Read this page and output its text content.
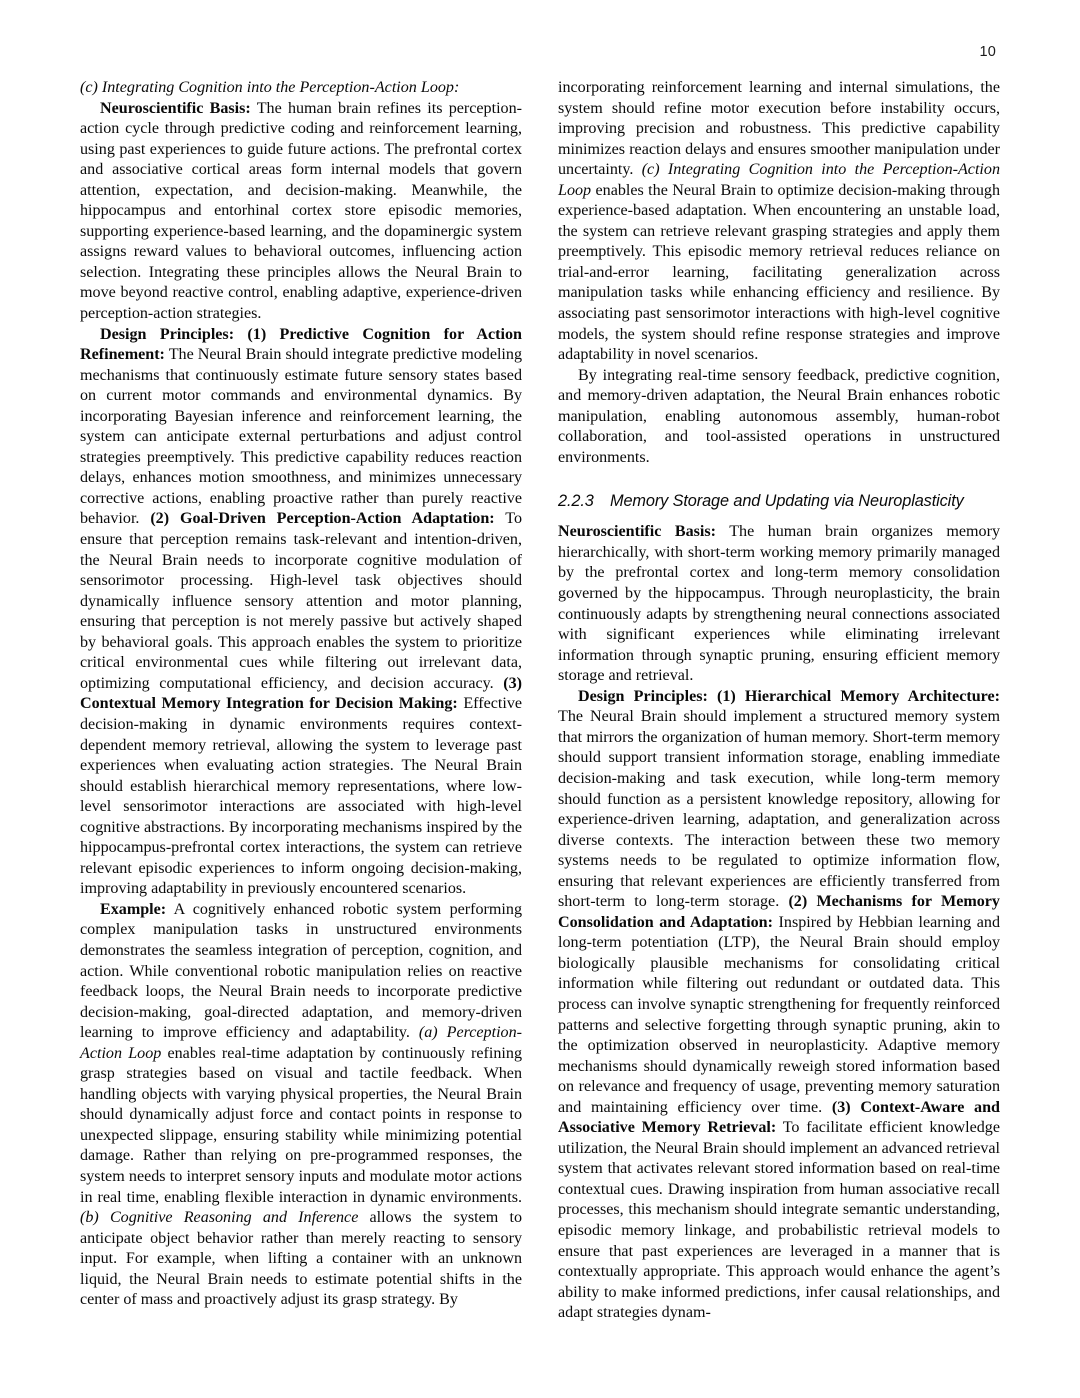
10

(c) Integrating Cognition into the Perception-Action Loop:

Neuroscientific Basis: The human brain refines its perception-action cycle through predictive coding and reinforcement learning, using past experiences to guide future actions. The prefrontal cortex and associative cortical areas form internal models that govern attention, expectation, and decision-making. Meanwhile, the hippocampus and entorhinal cortex store episodic memories, supporting experience-based learning, and the dopaminergic system assigns reward values to behavioral outcomes, influencing action selection. Integrating these principles allows the Neural Brain to move beyond reactive control, enabling adaptive, experience-driven perception-action strategies.

Design Principles: (1) Predictive Cognition for Action Refinement: The Neural Brain should integrate predictive modeling mechanisms that continuously estimate future sensory states based on current motor commands and environmental dynamics. By incorporating Bayesian inference and reinforcement learning, the system can anticipate external perturbations and adjust control strategies preemptively. This predictive capability reduces reaction delays, enhances motion smoothness, and minimizes unnecessary corrective actions, enabling proactive rather than purely reactive behavior. (2) Goal-Driven Perception-Action Adaptation: To ensure that perception remains task-relevant and intention-driven, the Neural Brain needs to incorporate cognitive modulation of sensorimotor processing. High-level task objectives should dynamically influence sensory attention and motor planning, ensuring that perception is not merely passive but actively shaped by behavioral goals. This approach enables the system to prioritize critical environmental cues while filtering out irrelevant data, optimizing computational efficiency, and decision accuracy. (3) Contextual Memory Integration for Decision Making: Effective decision-making in dynamic environments requires context-dependent memory retrieval, allowing the system to leverage past experiences when evaluating action strategies. The Neural Brain should establish hierarchical memory representations, where low-level sensorimotor interactions are associated with high-level cognitive abstractions. By incorporating mechanisms inspired by the hippocampus-prefrontal cortex interactions, the system can retrieve relevant episodic experiences to inform ongoing decision-making, improving adaptability in previously encountered scenarios.

Example: A cognitively enhanced robotic system performing complex manipulation tasks in unstructured environments demonstrates the seamless integration of perception, cognition, and action. While conventional robotic manipulation relies on reactive feedback loops, the Neural Brain needs to incorporate predictive decision-making, goal-directed adaptation, and memory-driven learning to improve efficiency and adaptability. (a) Perception-Action Loop enables real-time adaptation by continuously refining grasp strategies based on visual and tactile feedback. When handling objects with varying physical properties, the Neural Brain should dynamically adjust force and contact points in response to unexpected slippage, ensuring stability while minimizing potential damage. Rather than relying on pre-programmed responses, the system needs to interpret sensory inputs and modulate motor actions in real time, enabling flexible interaction in dynamic environments. (b) Cognitive Reasoning and Inference allows the system to anticipate object behavior rather than merely reacting to sensory input. For example, when lifting a container with an unknown liquid, the Neural Brain needs to estimate potential shifts in the center of mass and proactively adjust its grasp strategy. By

incorporating reinforcement learning and internal simulations, the system should refine motor execution before instability occurs, improving precision and robustness. This predictive capability minimizes reaction delays and ensures smoother manipulation under uncertainty. (c) Integrating Cognition into the Perception-Action Loop enables the Neural Brain to optimize decision-making through experience-based adaptation. When encountering an unstable load, the system can retrieve relevant grasping strategies and apply them preemptively. This episodic memory retrieval reduces reliance on trial-and-error learning, facilitating generalization across manipulation tasks while enhancing efficiency and resilience. By associating past sensorimotor interactions with high-level cognitive models, the system should refine response strategies and improve adaptability in novel scenarios.

By integrating real-time sensory feedback, predictive cognition, and memory-driven adaptation, the Neural Brain enhances robotic manipulation, enabling autonomous assembly, human-robot collaboration, and tool-assisted operations in unstructured environments.

2.2.3 Memory Storage and Updating via Neuroplasticity

Neuroscientific Basis: The human brain organizes memory hierarchically, with short-term working memory primarily managed by the prefrontal cortex and long-term memory consolidation governed by the hippocampus. Through neuroplasticity, the brain continuously adapts by strengthening neural connections associated with significant experiences while eliminating irrelevant information through synaptic pruning, ensuring efficient memory storage and retrieval.

Design Principles: (1) Hierarchical Memory Architecture: The Neural Brain should implement a structured memory system that mirrors the organization of human memory. Short-term memory should support transient information storage, enabling immediate decision-making and task execution, while long-term memory should function as a persistent knowledge repository, allowing for experience-driven learning, adaptation, and generalization across diverse contexts. The interaction between these two memory systems needs to be regulated to optimize information flow, ensuring that relevant experiences are efficiently transferred from short-term to long-term storage. (2) Mechanisms for Memory Consolidation and Adaptation: Inspired by Hebbian learning and long-term potentiation (LTP), the Neural Brain should employ biologically plausible mechanisms for consolidating critical information while filtering out redundant or outdated data. This process can involve synaptic strengthening for frequently reinforced patterns and selective forgetting through synaptic pruning, akin to the optimization observed in neuroplasticity. Adaptive memory mechanisms should dynamically reweigh stored information based on relevance and frequency of usage, preventing memory saturation and maintaining efficiency over time. (3) Context-Aware and Associative Memory Retrieval: To facilitate efficient knowledge utilization, the Neural Brain should implement an advanced retrieval system that activates relevant stored information based on real-time contextual cues. Drawing inspiration from human associative recall processes, this mechanism should integrate semantic understanding, episodic memory linkage, and probabilistic retrieval models to ensure that past experiences are leveraged in a manner that is contextually appropriate. This approach would enhance the agent’s ability to make informed predictions, infer causal relationships, and adapt strategies dynam-
